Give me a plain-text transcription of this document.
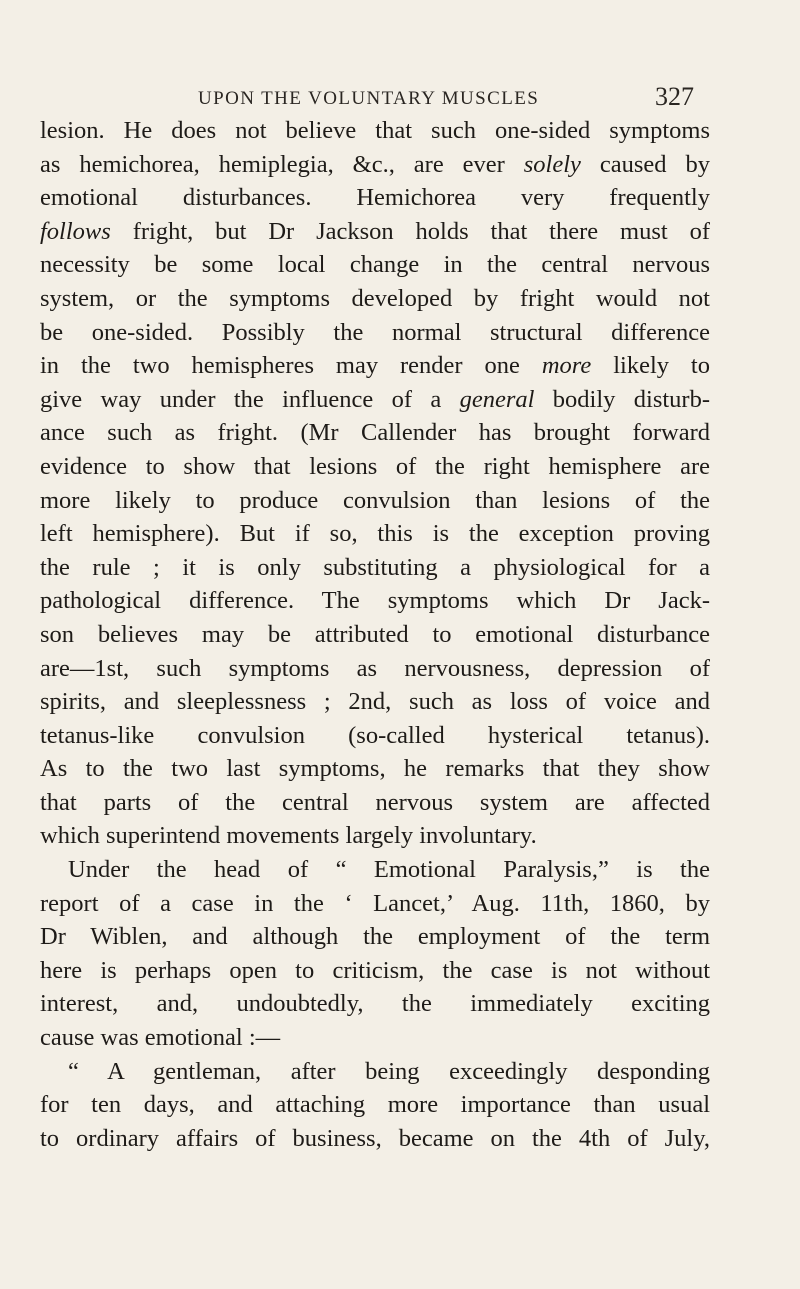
UPON THE VOLUNTARY MUSCLES	327
lesion. He does not believe that such one-sided symptoms
as hemichorea, hemiplegia, &c., are ever solely caused by
emotional disturbances. Hemichorea very frequently
follows fright, but Dr Jackson holds that there must of
necessity be some local change in the central nervous
system, or the symptoms developed by fright would not
be one-sided. Possibly the normal structural difference
in the two hemispheres may render one more likely to
give way under the influence of a general bodily disturb-
ance such as fright. (Mr Callender has brought forward
evidence to show that lesions of the right hemisphere are
more likely to produce convulsion than lesions of the
left hemisphere). But if so, this is the exception proving
the rule ; it is only substituting a physiological for a
pathological difference. The symptoms which Dr Jack-
son believes may be attributed to emotional disturbance
are—1st, such symptoms as nervousness, depression of
spirits, and sleeplessness ; 2nd, such as loss of voice and
tetanus-like convulsion (so-called hysterical tetanus).
As to the two last symptoms, he remarks that they show
that parts of the central nervous system are affected
which superintend movements largely involuntary.
Under the head of “ Emotional Paralysis,” is the
report of a case in the ‘ Lancet,’ Aug. 11th, 1860, by
Dr Wiblen, and although the employment of the term
here is perhaps open to criticism, the case is not without
interest, and, undoubtedly, the immediately exciting
cause was emotional :—
“ A gentleman, after being exceedingly desponding
for ten days, and attaching more importance than usual
to ordinary affairs of business, became on the 4th of July,
